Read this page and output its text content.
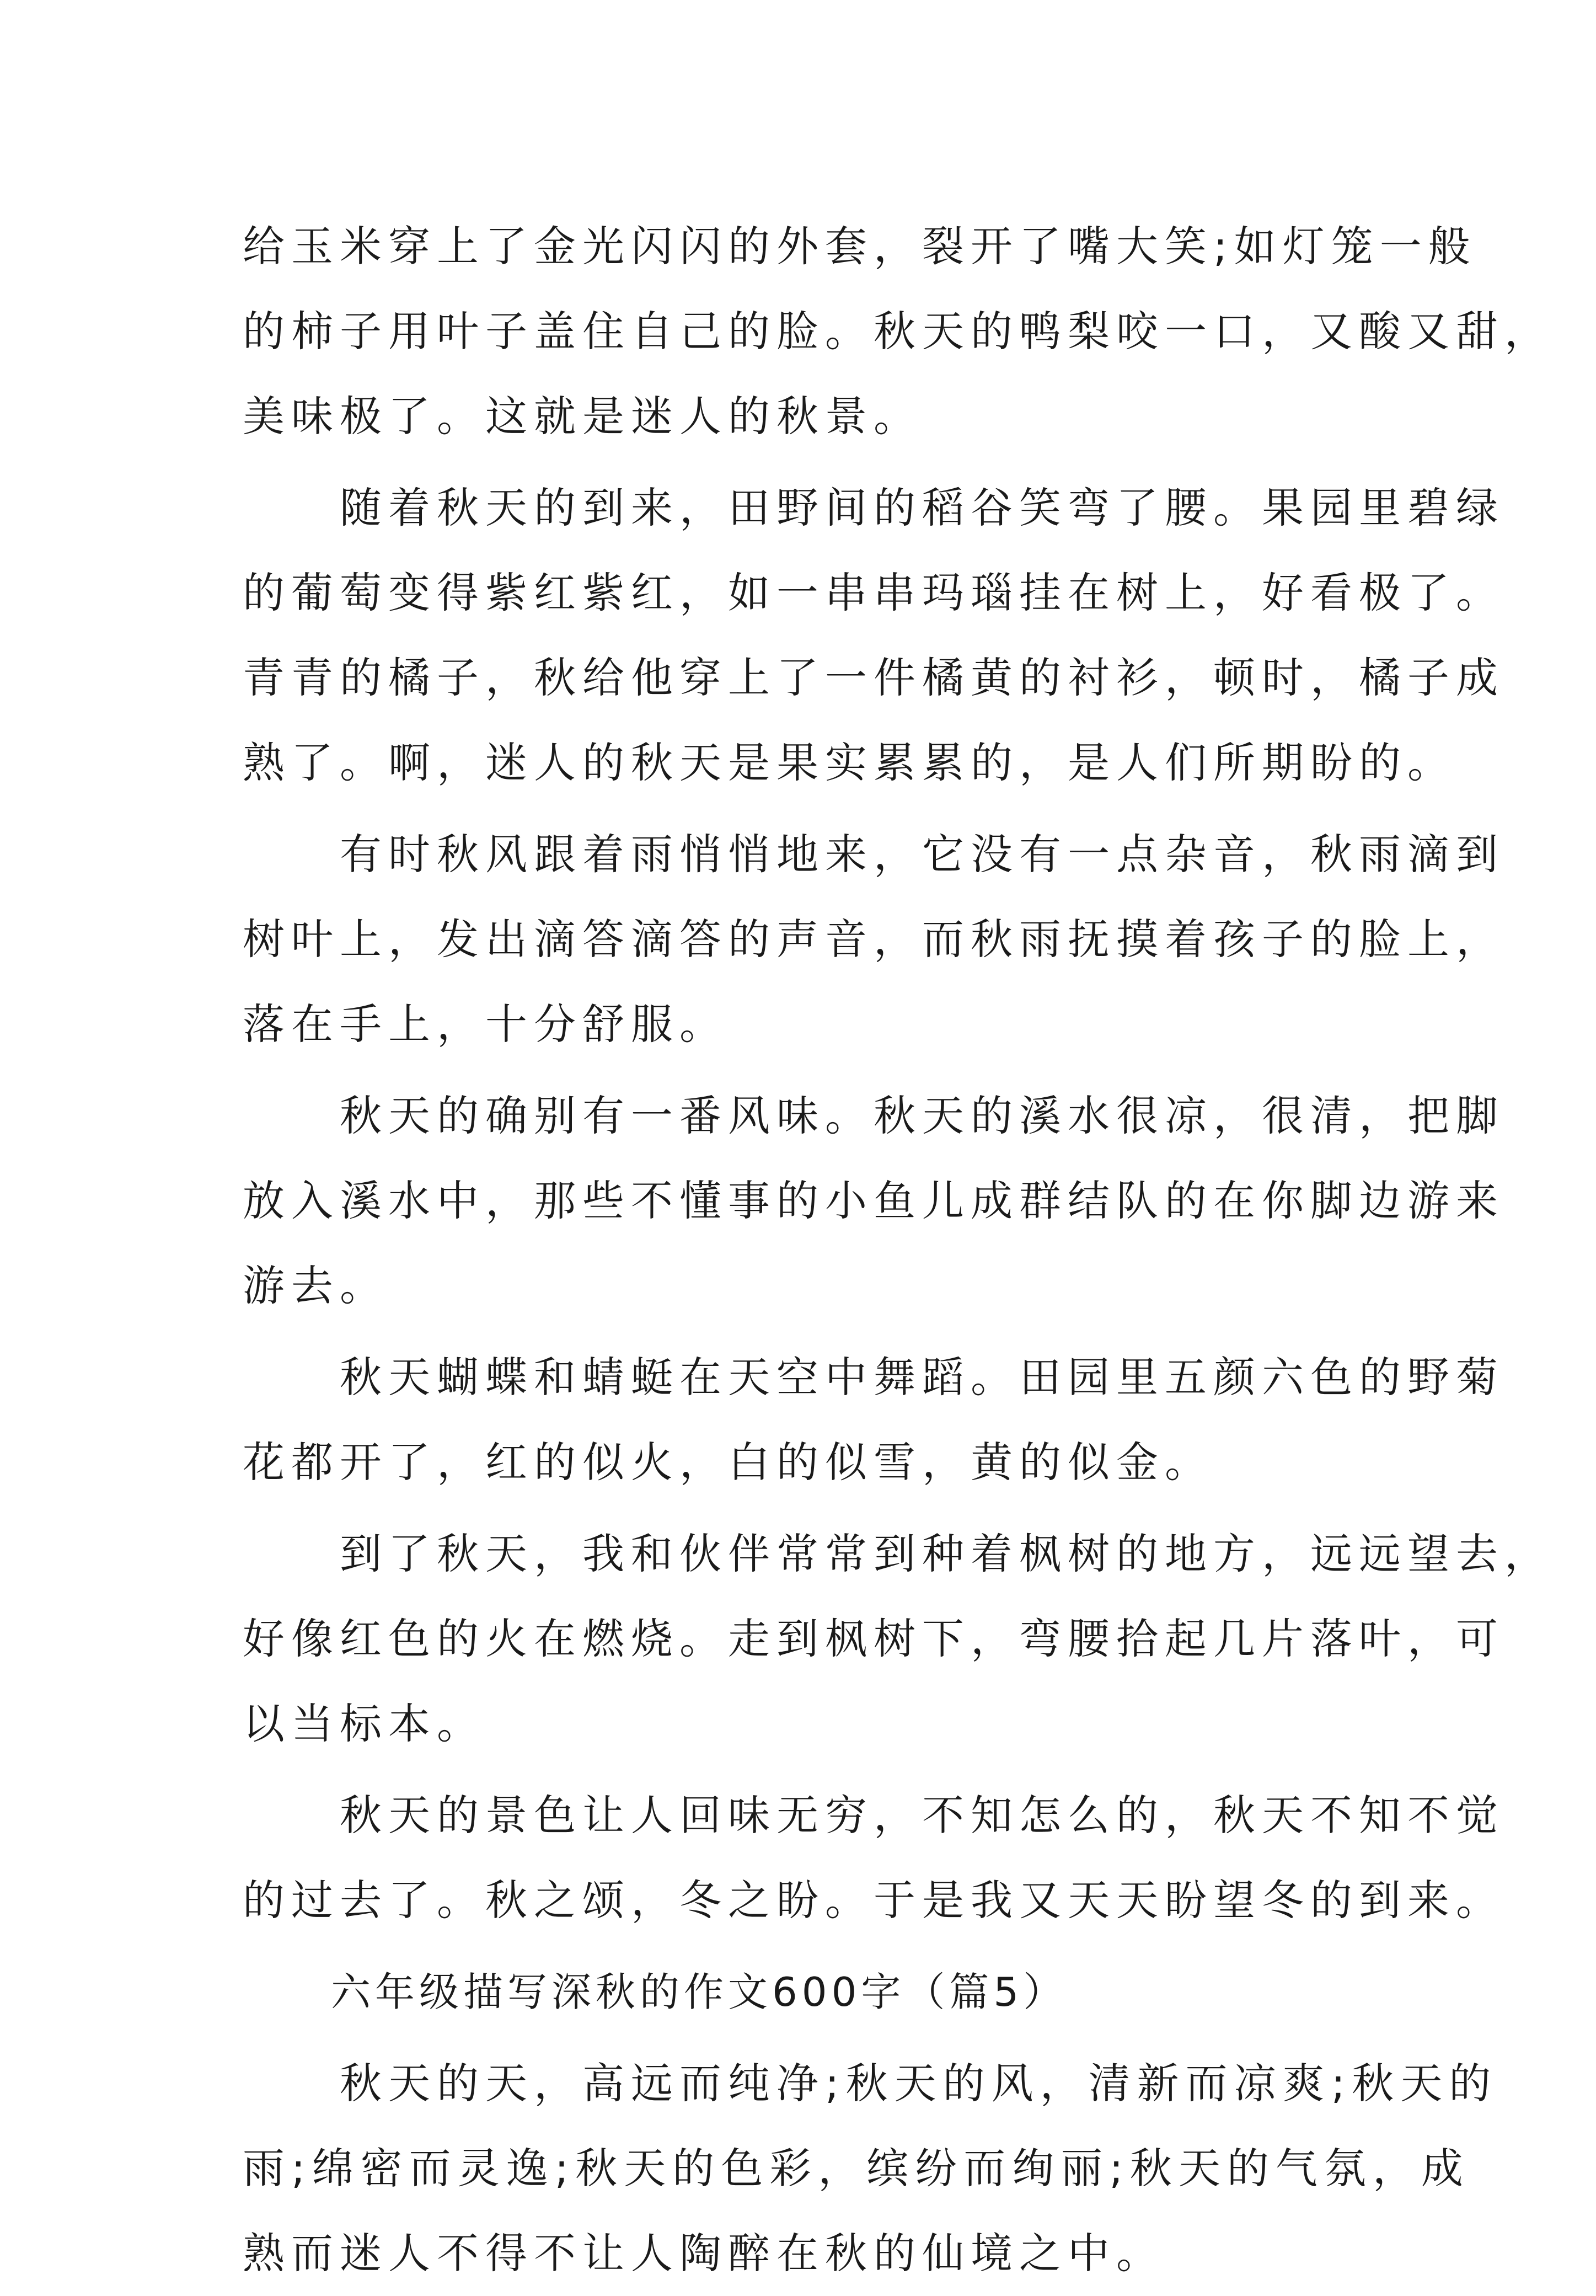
给玉米穿上了金光闪闪的外套，裂开了嘴大笑;如灯笼一般
的柿子用叶子盖住自己的脸。秋天的鸭梨咬一口，又酸又甜，
美味极了。这就是迷人的秋景。
　　随着秋天的到来，田野间的稻谷笑弯了腰。果园里碧绿
的葡萄变得紫红紫红，如一串串玛瑙挂在树上，好看极了。
青青的橘子，秋给他穿上了一件橘黄的衬衫，顿时，橘子成
熟了。啊，迷人的秋天是果实累累的，是人们所期盼的。
　　有时秋风跟着雨悄悄地来，它没有一点杂音，秋雨滴到
树叶上，发出滴答滴答的声音，而秋雨抚摸着孩子的脸上，
落在手上，十分舒服。
　　秋天的确别有一番风味。秋天的溪水很凉，很清，把脚
放入溪水中，那些不懂事的小鱼儿成群结队的在你脚边游来
游去。
　　秋天蝴蝶和蜻蜓在天空中舞蹈。田园里五颜六色的野菊
花都开了，红的似火，白的似雪，黄的似金。
　　到了秋天，我和伙伴常常到种着枫树的地方，远远望去，
好像红色的火在燃烧。走到枫树下，弯腰拾起几片落叶，可
以当标本。
　　秋天的景色让人回味无穷，不知怎么的，秋天不知不觉
的过去了。秋之颂，冬之盼。于是我又天天盼望冬的到来。
　　六年级描写深秋的作文600字（篇5）
　　秋天的天，高远而纯净;秋天的风，清新而凉爽;秋天的
雨;绵密而灵逸;秋天的色彩，缤纷而绚丽;秋天的气氛，成
熟而迷人不得不让人陶醉在秋的仙境之中。
